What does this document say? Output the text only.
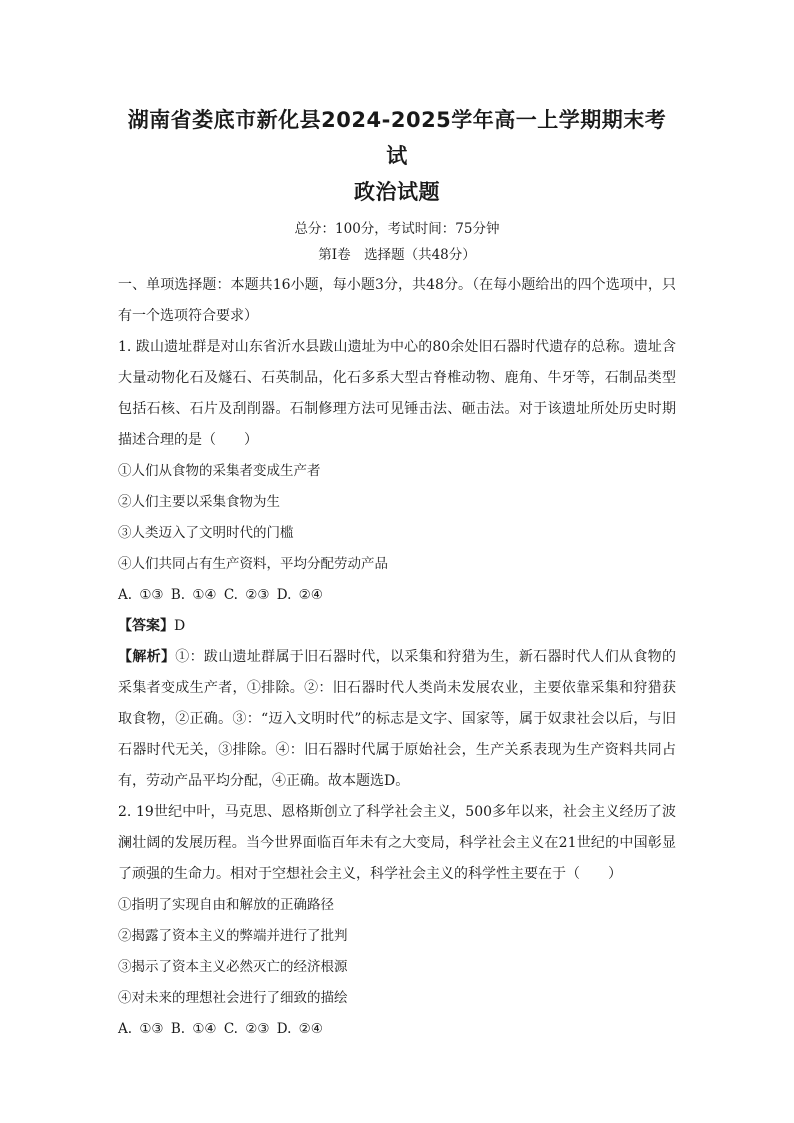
湖南省娄底市新化县2024-2025学年高一上学期期末考试
政治试题
总分：100分，考试时间：75分钟
第Ⅰ卷　选择题（共48分）

一、单项选择题：本题共16小题，每小题3分，共48分。（在每小题给出的四个选项中，只有一个选项符合要求）

1. 跋山遗址群是对山东省沂水县跋山遗址为中心的80余处旧石器时代遗存的总称。遗址含大量动物化石及燧石、石英制品，化石多系大型古脊椎动物、鹿角、牛牙等，石制品类型包括石核、石片及刮削器。石制修理方法可见锤击法、砸击法。对于该遗址所处历史时期描述合理的是（　　）

①人们从食物的采集者变成生产者

②人们主要以采集食物为生

③人类迈入了文明时代的门槛

④人们共同占有生产资料，平均分配劳动产品

A. ①③ B. ①④ C. ②③ D. ②④

【答案】D

【解析】①：跋山遗址群属于旧石器时代，以采集和狩猎为生，新石器时代人们从食物的采集者变成生产者，①排除。②：旧石器时代人类尚未发展农业，主要依靠采集和狩猎获取食物，②正确。③：“迈入文明时代”的标志是文字、国家等，属于奴隶社会以后，与旧石器时代无关，③排除。④：旧石器时代属于原始社会，生产关系表现为生产资料共同占有，劳动产品平均分配，④正确。故本题选D。

2. 19世纪中叶，马克思、恩格斯创立了科学社会主义，500多年以来，社会主义经历了波澜壮阔的发展历程。当今世界面临百年未有之大变局，科学社会主义在21世纪的中国彰显了顽强的生命力。相对于空想社会主义，科学社会主义的科学性主要在于（　　）

①指明了实现自由和解放的正确路径

②揭露了资本主义的弊端并进行了批判

③揭示了资本主义必然灭亡的经济根源

④对未来的理想社会进行了细致的描绘

A. ①③ B. ①④ C. ②③ D. ②④
